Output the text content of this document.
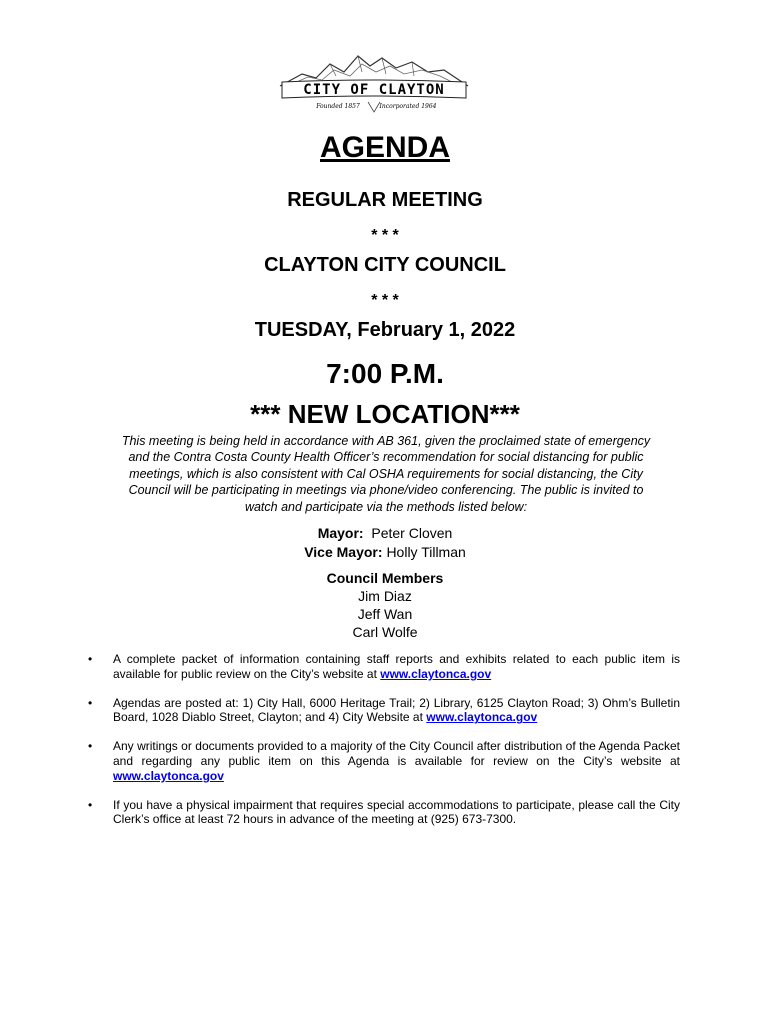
CITY OF CLAYTON
Founded 1857	Incorporated 1964
AGENDA
REGULAR MEETING
* * *
CLAYTON CITY COUNCIL
* * *
TUESDAY, February 1, 2022
7:00 P.M.
*** NEW LOCATION***
This meeting is being held in accordance with AB 361, given the proclaimed state of emergency
and the Contra Costa County Health Officer’s recommendation for social distancing for public
meetings, which is also consistent with Cal OSHA requirements for social distancing, the City
Council will be participating in meetings via phone/video conferencing. The public is invited to
watch and participate via the methods listed below:
Mayor: Peter Cloven
Vice Mayor: Holly Tillman
Council Members
Jim Diaz
Jeff Wan
Carl Wolfe
• A complete packet of information containing staff reports and exhibits related to each public item is available for public review on the City’s website at www.claytonca.gov
• Agendas are posted at: 1) City Hall, 6000 Heritage Trail; 2) Library, 6125 Clayton Road; 3) Ohm’s Bulletin Board, 1028 Diablo Street, Clayton; and 4) City Website at www.claytonca.gov
• Any writings or documents provided to a majority of the City Council after distribution of the Agenda Packet and regarding any public item on this Agenda is available for review on the City’s website at www.claytonca.gov
• If you have a physical impairment that requires special accommodations to participate, please call the City Clerk’s office at least 72 hours in advance of the meeting at (925) 673-7300.
